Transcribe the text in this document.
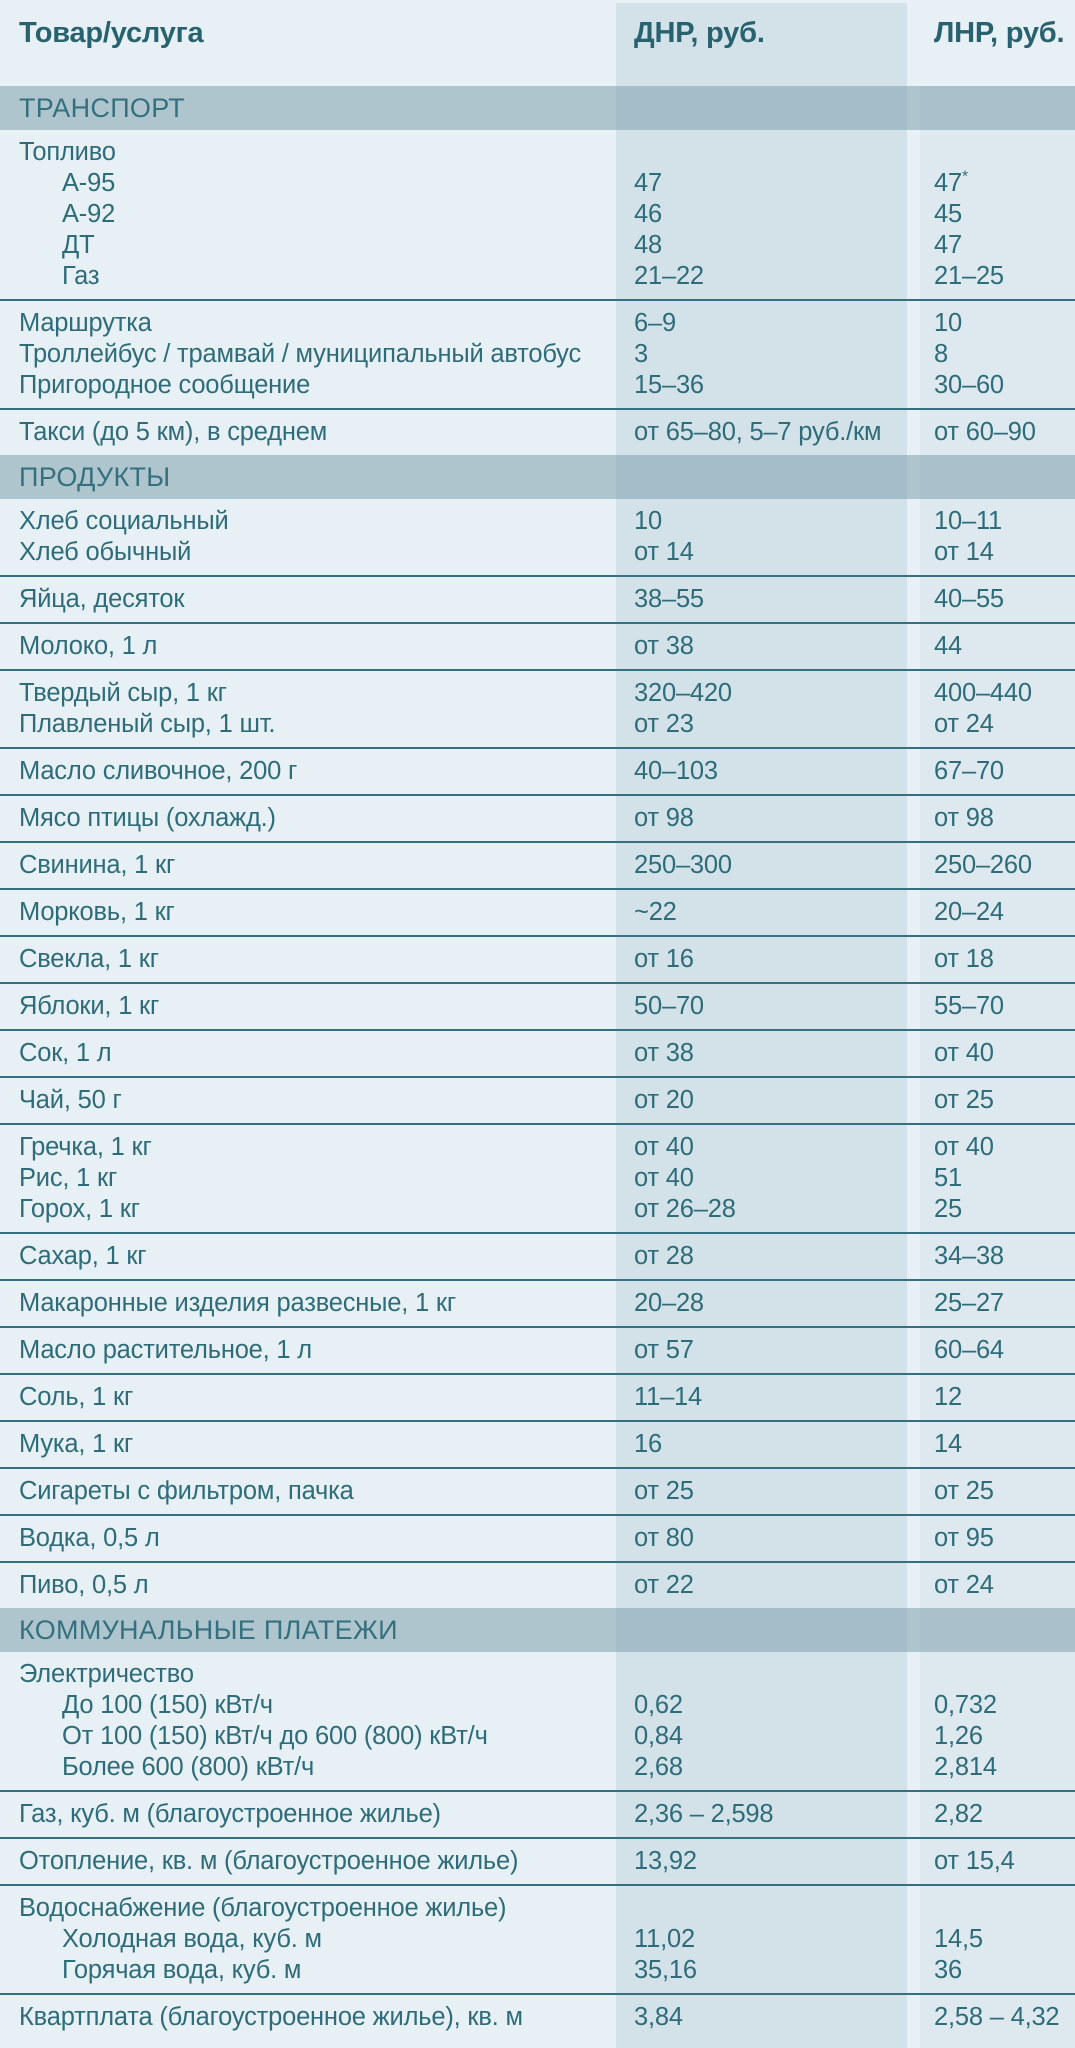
Товар/услуга	ДНР, руб.	ЛНР, руб.
ТРАНСПОРТ
Топливо
А-95	47	47*
А-92	46	45
ДТ	48	47
Газ	21–22	21–25
Маршрутка	6–9	10
Троллейбус / трамвай / муниципальный автобус	3	8
Пригородное сообщение	15–36	30–60
Такси (до 5 км), в среднем	от 65–80, 5–7 руб./км	от 60–90
ПРОДУКТЫ
Хлеб социальный	10	10–11
Хлеб обычный	от 14	от 14
Яйца, десяток	38–55	40–55
Молоко, 1 л	от 38	44
Твердый сыр, 1 кг	320–420	400–440
Плавленый сыр, 1 шт.	от 23	от 24
Масло сливочное, 200 г	40–103	67–70
Мясо птицы (охлажд.)	от 98	от 98
Свинина, 1 кг	250–300	250–260
Морковь, 1 кг	~22	20–24
Свекла, 1 кг	от 16	от 18
Яблоки, 1 кг	50–70	55–70
Сок, 1 л	от 38	от 40
Чай, 50 г	от 20	от 25
Гречка, 1 кг	от 40	от 40
Рис, 1 кг	от 40	51
Горох, 1 кг	от 26–28	25
Сахар, 1 кг	от 28	34–38
Макаронные изделия развесные, 1 кг	20–28	25–27
Масло растительное, 1 л	от 57	60–64
Соль, 1 кг	11–14	12
Мука, 1 кг	16	14
Сигареты с фильтром, пачка	от 25	от 25
Водка, 0,5 л	от 80	от 95
Пиво, 0,5 л	от 22	от 24
КОММУНАЛЬНЫЕ ПЛАТЕЖИ
Электричество
До 100 (150) кВт/ч	0,62	0,732
От 100 (150) кВт/ч до 600 (800) кВт/ч	0,84	1,26
Более 600 (800) кВт/ч	2,68	2,814
Газ, куб. м (благоустроенное жилье)	2,36 – 2,598	2,82
Отопление, кв. м (благоустроенное жилье)	13,92	от 15,4
Водоснабжение (благоустроенное жилье)
Холодная вода, куб. м	11,02	14,5
Горячая вода, куб. м	35,16	36
Квартплата (благоустроенное жилье), кв. м	3,84	2,58 – 4,32
